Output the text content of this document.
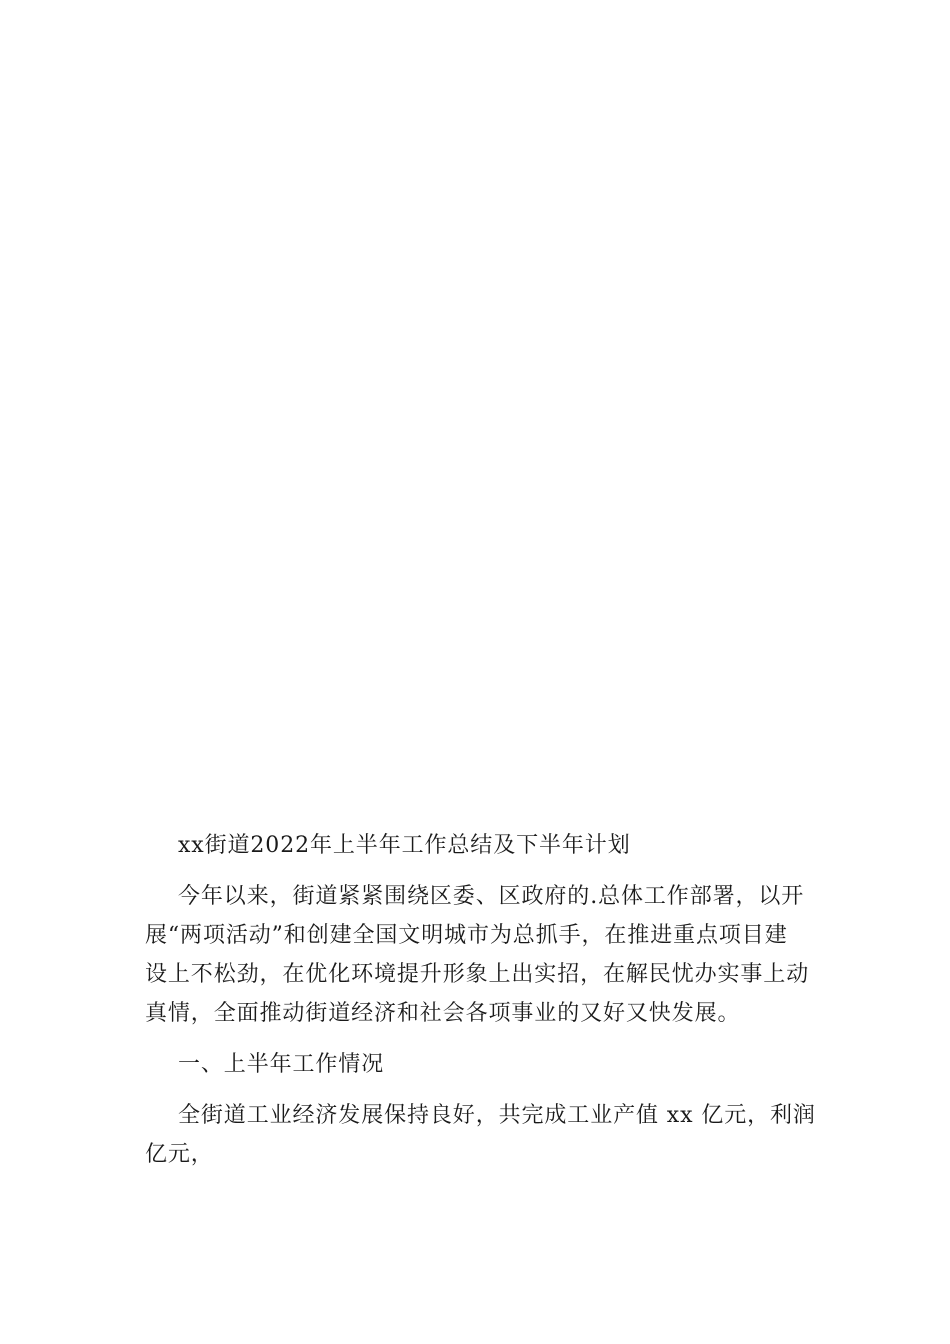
xx街道2022年上半年工作总结及下半年计划

今年以来，街道紧紧围绕区委、区政府的.总体工作部署，以开

展“两项活动”和创建全国文明城市为总抓手，在推进重点项目建

设上不松劲，在优化环境提升形象上出实招，在解民忧办实事上动

真情，全面推动街道经济和社会各项事业的又好又快发展。

一、上半年工作情况

全街道工业经济发展保持良好，共完成工业产值 xx 亿元，利润

亿元，
